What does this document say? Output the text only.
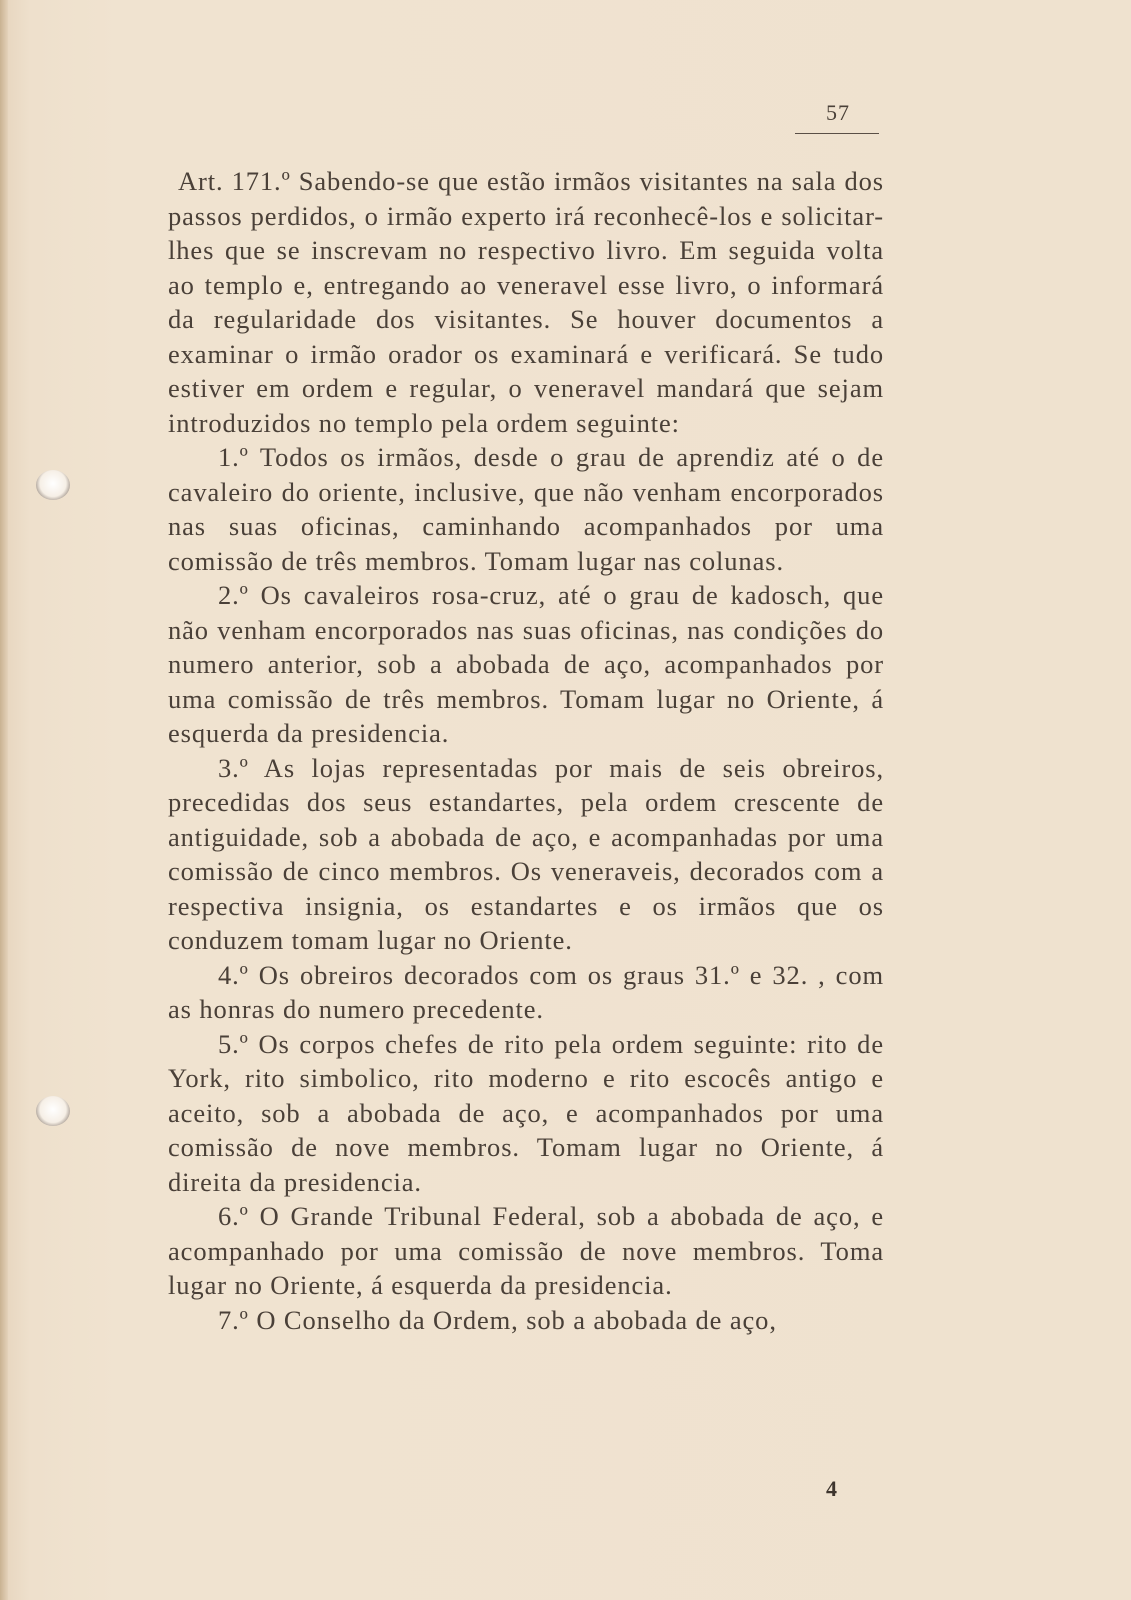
57

Art. 171.º Sabendo-se que estão irmãos visitantes na sala dos passos perdidos, o irmão experto irá reconhecê-los e solicitar-lhes que se inscrevam no respectivo livro. Em seguida volta ao templo e, entregando ao veneravel esse livro, o informará da regularidade dos visitantes. Se houver documentos a examinar o irmão orador os examinará e verificará. Se tudo estiver em ordem e regular, o veneravel mandará que sejam introduzidos no templo pela ordem seguinte:

1.º Todos os irmãos, desde o grau de aprendiz até o de cavaleiro do oriente, inclusive, que não venham encorporados nas suas oficinas, caminhando acompanhados por uma comissão de três membros. Tomam lugar nas colunas.

2.º Os cavaleiros rosa-cruz, até o grau de kadosch, que não venham encorporados nas suas oficinas, nas condições do numero anterior, sob a abobada de aço, acompanhados por uma comissão de três membros. Tomam lugar no Oriente, á esquerda da presidencia.

3.º As lojas representadas por mais de seis obreiros, precedidas dos seus estandartes, pela ordem crescente de antiguidade, sob a abobada de aço, e acompanhadas por uma comissão de cinco membros. Os veneraveis, decorados com a respectiva insignia, os estandartes e os irmãos que os conduzem tomam lugar no Oriente.

4.º Os obreiros decorados com os graus 31.º e 32. , com as honras do numero precedente.

5.º Os corpos chefes de rito pela ordem seguinte: rito de York, rito simbolico, rito moderno e rito escocês antigo e aceito, sob a abobada de aço, e acompanhados por uma comissão de nove membros. Tomam lugar no Oriente, á direita da presidencia.

6.º O Grande Tribunal Federal, sob a abobada de aço, e acompanhado por uma comissão de nove membros. Toma lugar no Oriente, á esquerda da presidencia.

7.º O Conselho da Ordem, sob a abobada de aço,

4
